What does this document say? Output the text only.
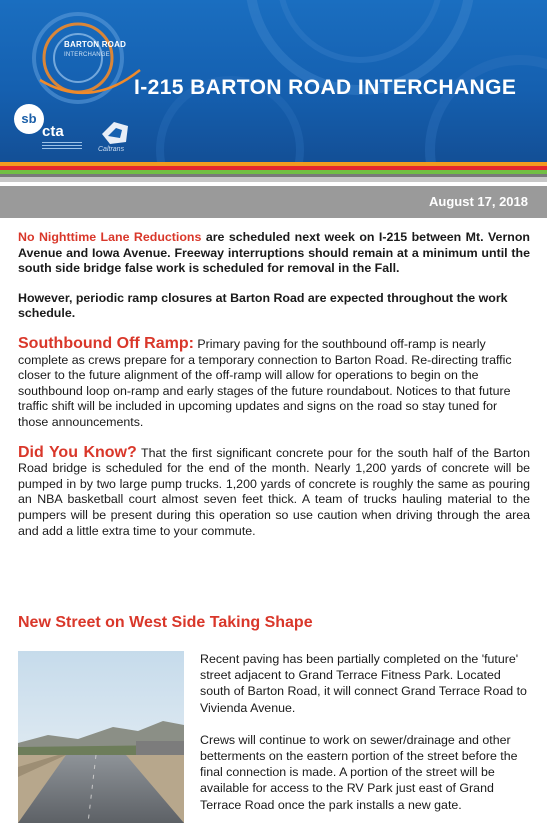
BARTON ROAD
INTERCHANGE
I-215 BARTON ROAD INTERCHANGE
sb
cta
Caltrans
August 17, 2018

No Nighttime Lane Reductions are scheduled next week on I-215 between Mt. Vernon Avenue and Iowa Avenue. Freeway interruptions should remain at a minimum until the south side bridge false work is scheduled for removal in the Fall.

However, periodic ramp closures at Barton Road are expected throughout the work schedule.

Southbound Off Ramp: Primary paving for the southbound off-ramp is nearly complete as crews prepare for a temporary connection to Barton Road. Re-directing traffic closer to the future alignment of the off-ramp will allow for operations to begin on the southbound loop on-ramp and early stages of the future roundabout. Notices to that future traffic shift will be included in upcoming updates and signs on the road so stay tuned for those announcements.

Did You Know? That the first significant concrete pour for the south half of the Barton Road bridge is scheduled for the end of the month. Nearly 1,200 yards of concrete will be pumped in by two large pump trucks. 1,200 yards of concrete is roughly the same as pouring an NBA basketball court almost seven feet thick. A team of trucks hauling material to the pumpers will be present during this operation so use caution when driving through the area and add a little extra time to your commute.

New Street on West Side Taking Shape

Recent paving has been partially completed on the 'future' street adjacent to Grand Terrace Fitness Park. Located south of Barton Road, it will connect Grand Terrace Road to Vivienda Avenue.

Crews will continue to work on sewer/drainage and other betterments on the eastern portion of the street before the final connection is made. A portion of the street will be available for access to the RV Park just east of Grand Terrace Road once the park installs a new gate.
